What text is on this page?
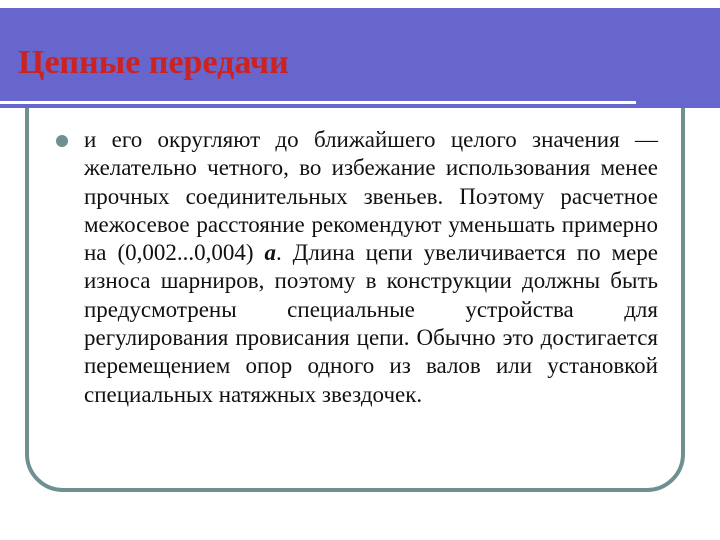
Цепные передачи
и его округляют до ближайшего целого значения — желательно четного, во избежание использования менее прочных соединительных звеньев. Поэтому расчетное межосевое расстояние рекомендуют уменьшать примерно на (0,002...0,004) a. Длина цепи увеличивается по мере износа шарниров, поэтому в конструкции должны быть предусмотрены специальные устройства для регулирования провисания цепи. Обычно это достигается перемещением опор одного из валов или установкой специальных натяжных звездочек.
